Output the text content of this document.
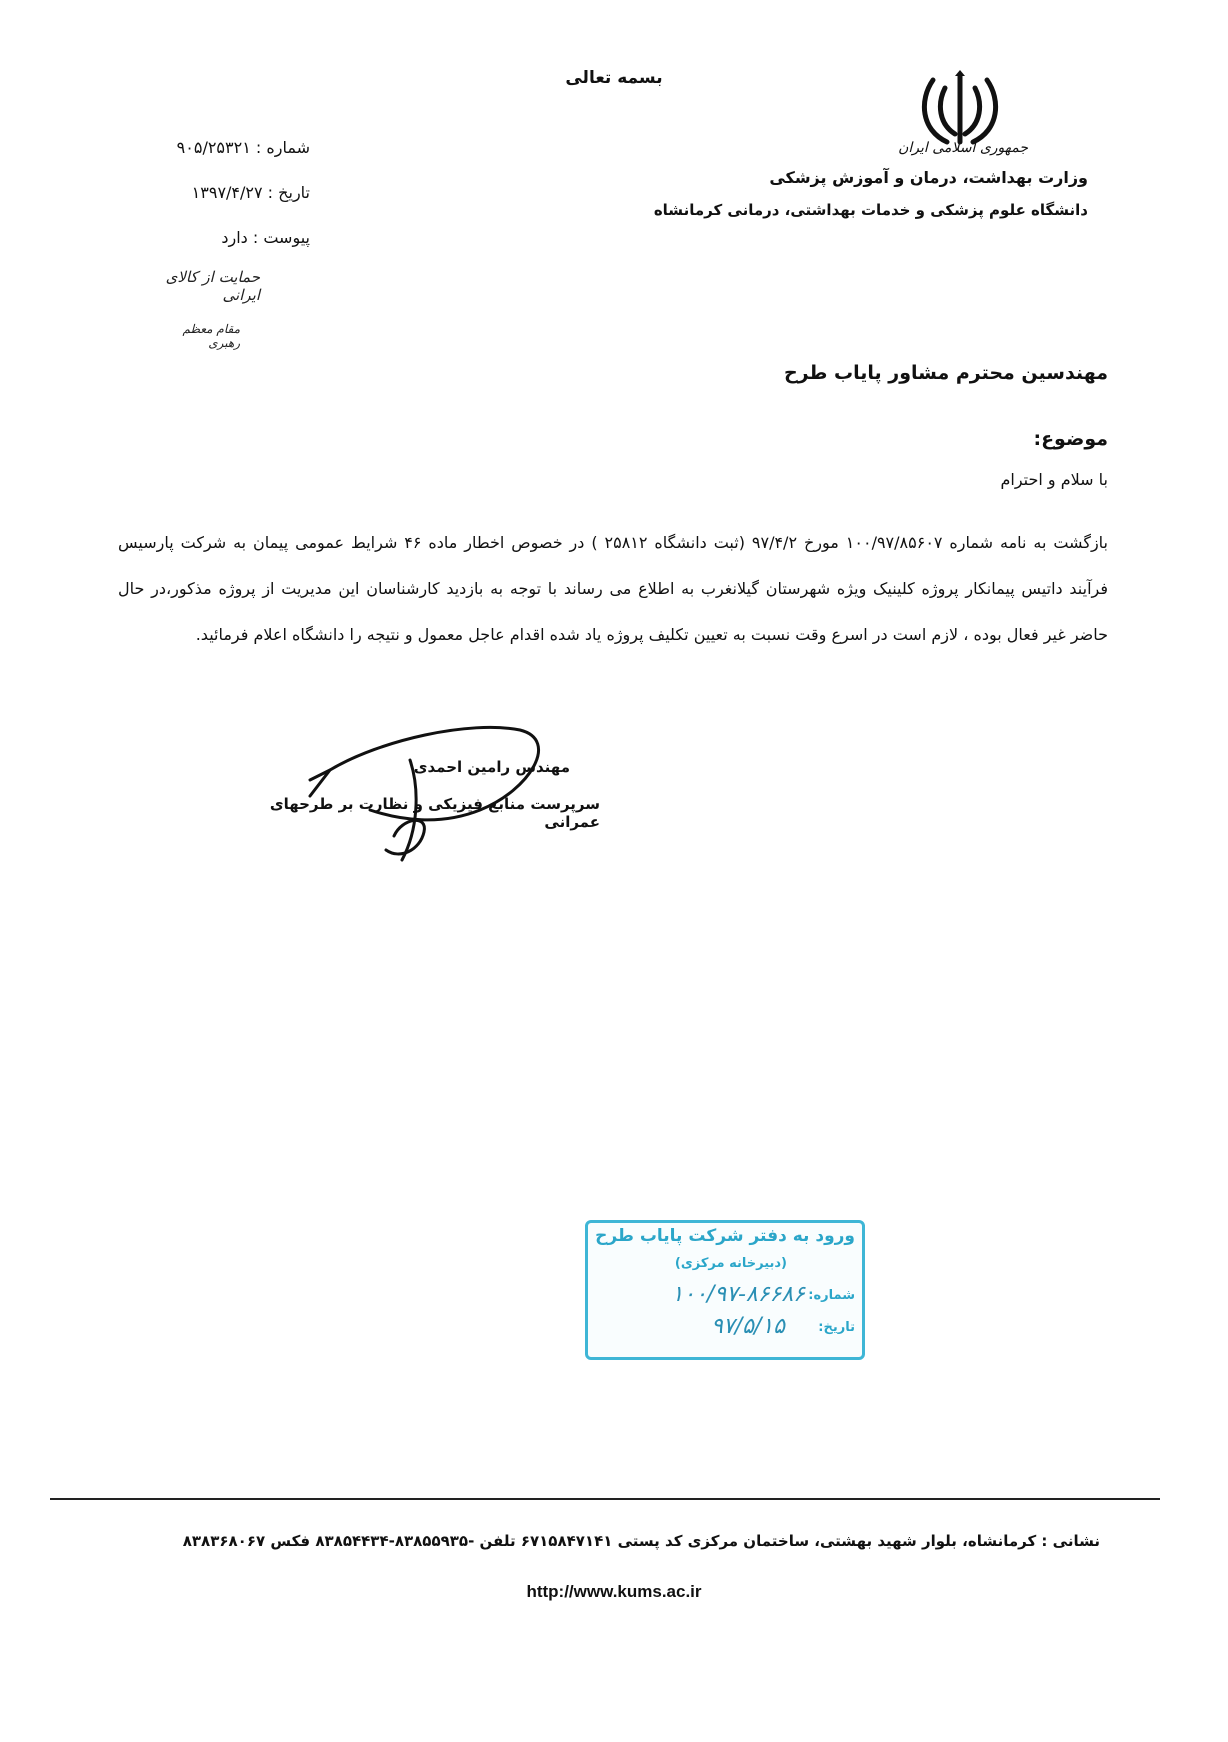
بسمه تعالی
جمهوری اسلامی ایران
وزارت بهداشت، درمان و آموزش پزشکی
دانشگاه علوم پزشکی و خدمات بهداشتی، درمانی کرمانشاه
شماره : ۹۰۵/۲۵۳۲۱
تاریخ : ۱۳۹۷/۴/۲۷
پیوست : دارد
حمایت از کالای ایرانی
مقام معظم رهبری
مهندسین محترم مشاور پایاب طرح
موضوع:
با سلام و احترام

بازگشت به نامه شماره ۱۰۰/۹۷/۸۵۶۰۷ مورخ ۹۷/۴/۲ (ثبت دانشگاه ۲۵۸۱۲ ) در خصوص اخطار ماده ۴۶ شرایط عمومی پیمان به شرکت پارسیس فرآیند داتیس پیمانکار پروژه کلینیک ویژه شهرستان گیلانغرب به اطلاع می رساند با توجه به بازدید کارشناسان این مدیریت از پروژه مذکور،در حال حاضر غیر فعال بوده ، لازم است در اسرع وقت نسبت به تعیین تکلیف پروژه یاد شده اقدام عاجل معمول و نتیجه را دانشگاه اعلام فرمائید.

مهندس رامین احمدی
سرپرست منابع فیزیکی و نظارت بر طرحهای عمرانی
ورود به دفتر شرکت پایاب طرح
(دبیرخانه مرکزی)
شماره:
۱۰۰/۹۷-۸۶۶۸۶
تاریخ:
۹۷/۵/۱۵
نشانی : کرمانشاه، بلوار شهید بهشتی، ساختمان مرکزی کد پستی ۶۷۱۵۸۴۷۱۴۱ تلفن -۸۳۸۵۵۹۳۵-۸۳۸۵۴۴۳۴ فکس ۸۳۸۳۶۸۰۶۷
http://www.kums.ac.ir
